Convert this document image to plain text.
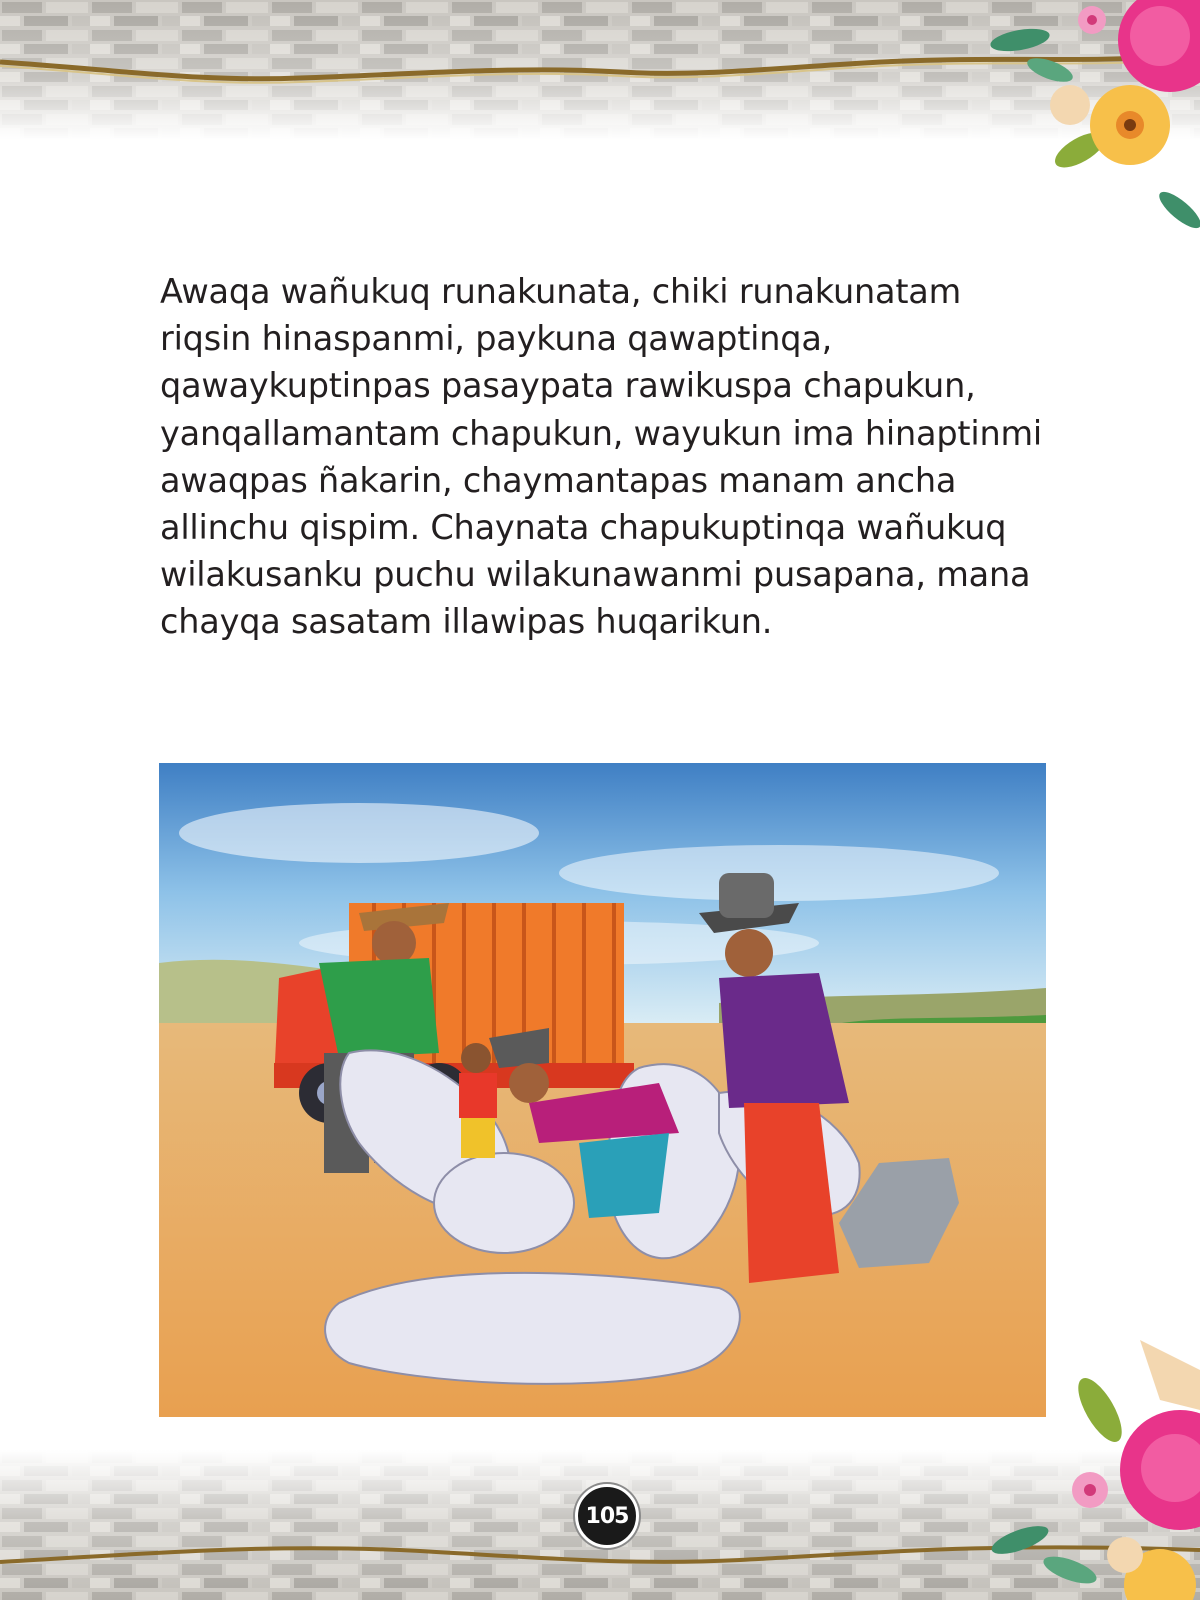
Awaqa wañukuq runakunata, chiki runakunatam riqsin hinaspanmi, paykuna qawaptinqa, qawaykuptinpas pasaypata rawikuspa chapukun, yanqallamantam chapukun, wayukun ima hinaptinmi awaqpas ñakarin, chaymantapas manam ancha allinchu qispim. Chaynata chapukuptinqa wañukuq wilakusanku puchu wilakunawanmi pusapana, mana chayqa sasatam illawipas huqarikun.

105
